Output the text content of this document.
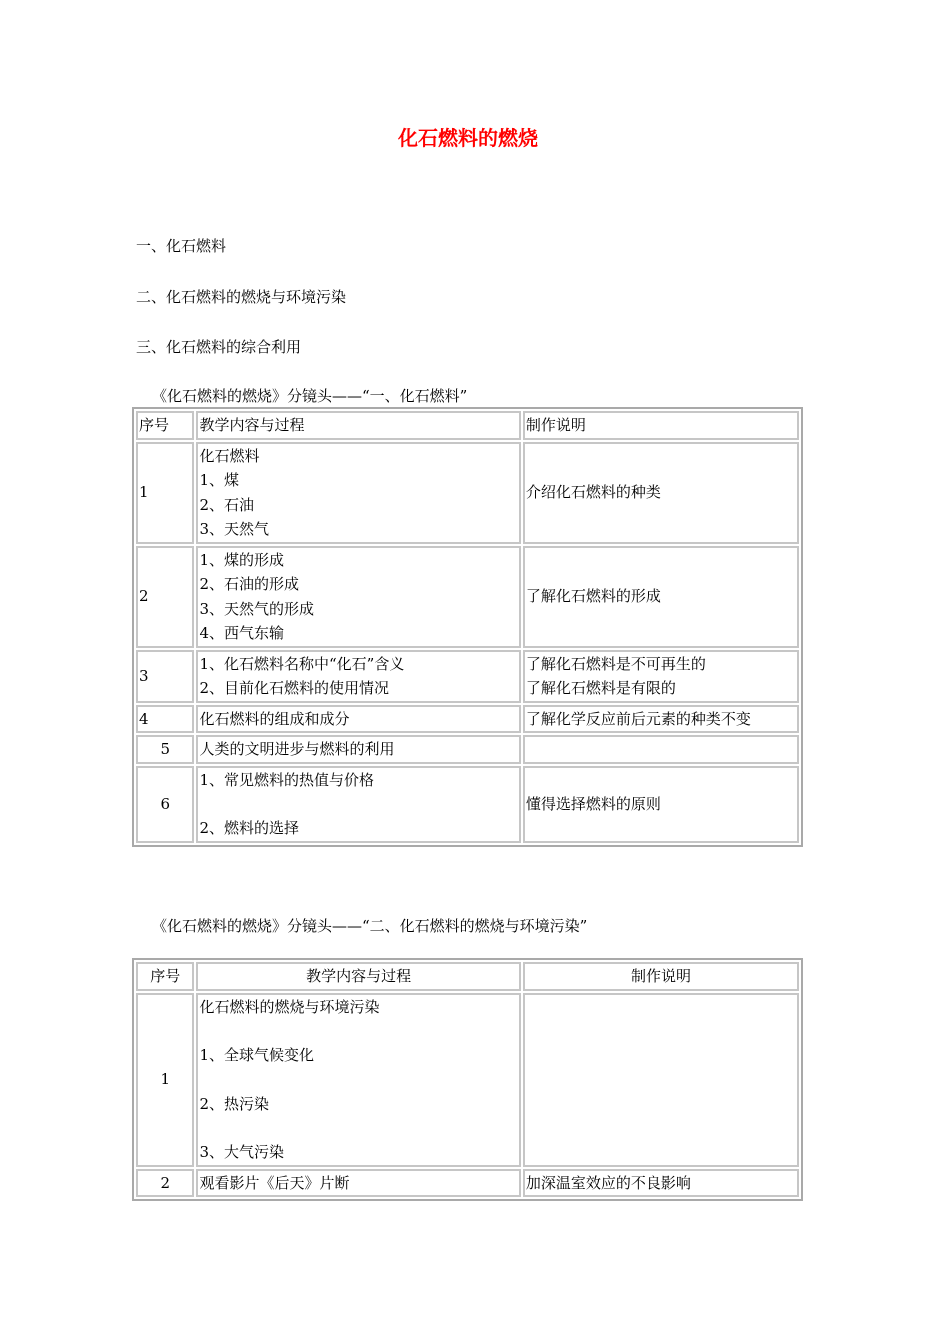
化石燃料的燃烧
一、化石燃料
二、化石燃料的燃烧与环境污染
三、化石燃料的综合利用
《化石燃料的燃烧》分镜头——“一、化石燃料”
序号	教学内容与过程	制作说明
1	化石燃料
1、煤
2、石油
3、天然气	介绍化石燃料的种类
2	1、煤的形成
2、石油的形成
3、天然气的形成
4、西气东输	了解化石燃料的形成
3	1、化石燃料名称中“化石”含义
2、目前化石燃料的使用情况	了解化石燃料是不可再生的
了解化石燃料是有限的

4	化石燃料的组成和成分	了解化学反应前后元素的种类不变
5	人类的文明进步与燃料的利用	
6	1、常见燃料的热值与价格
2、燃料的选择	懂得选择燃料的原则
《化石燃料的燃烧》分镜头——“二、化石燃料的燃烧与环境污染”
序号	教学内容与过程	制作说明
1	化石燃料的燃烧与环境污染
1、全球气候变化
2、热污染
3、大气污染	

2	观看影片《后天》片断	加深温室效应的不良影响
